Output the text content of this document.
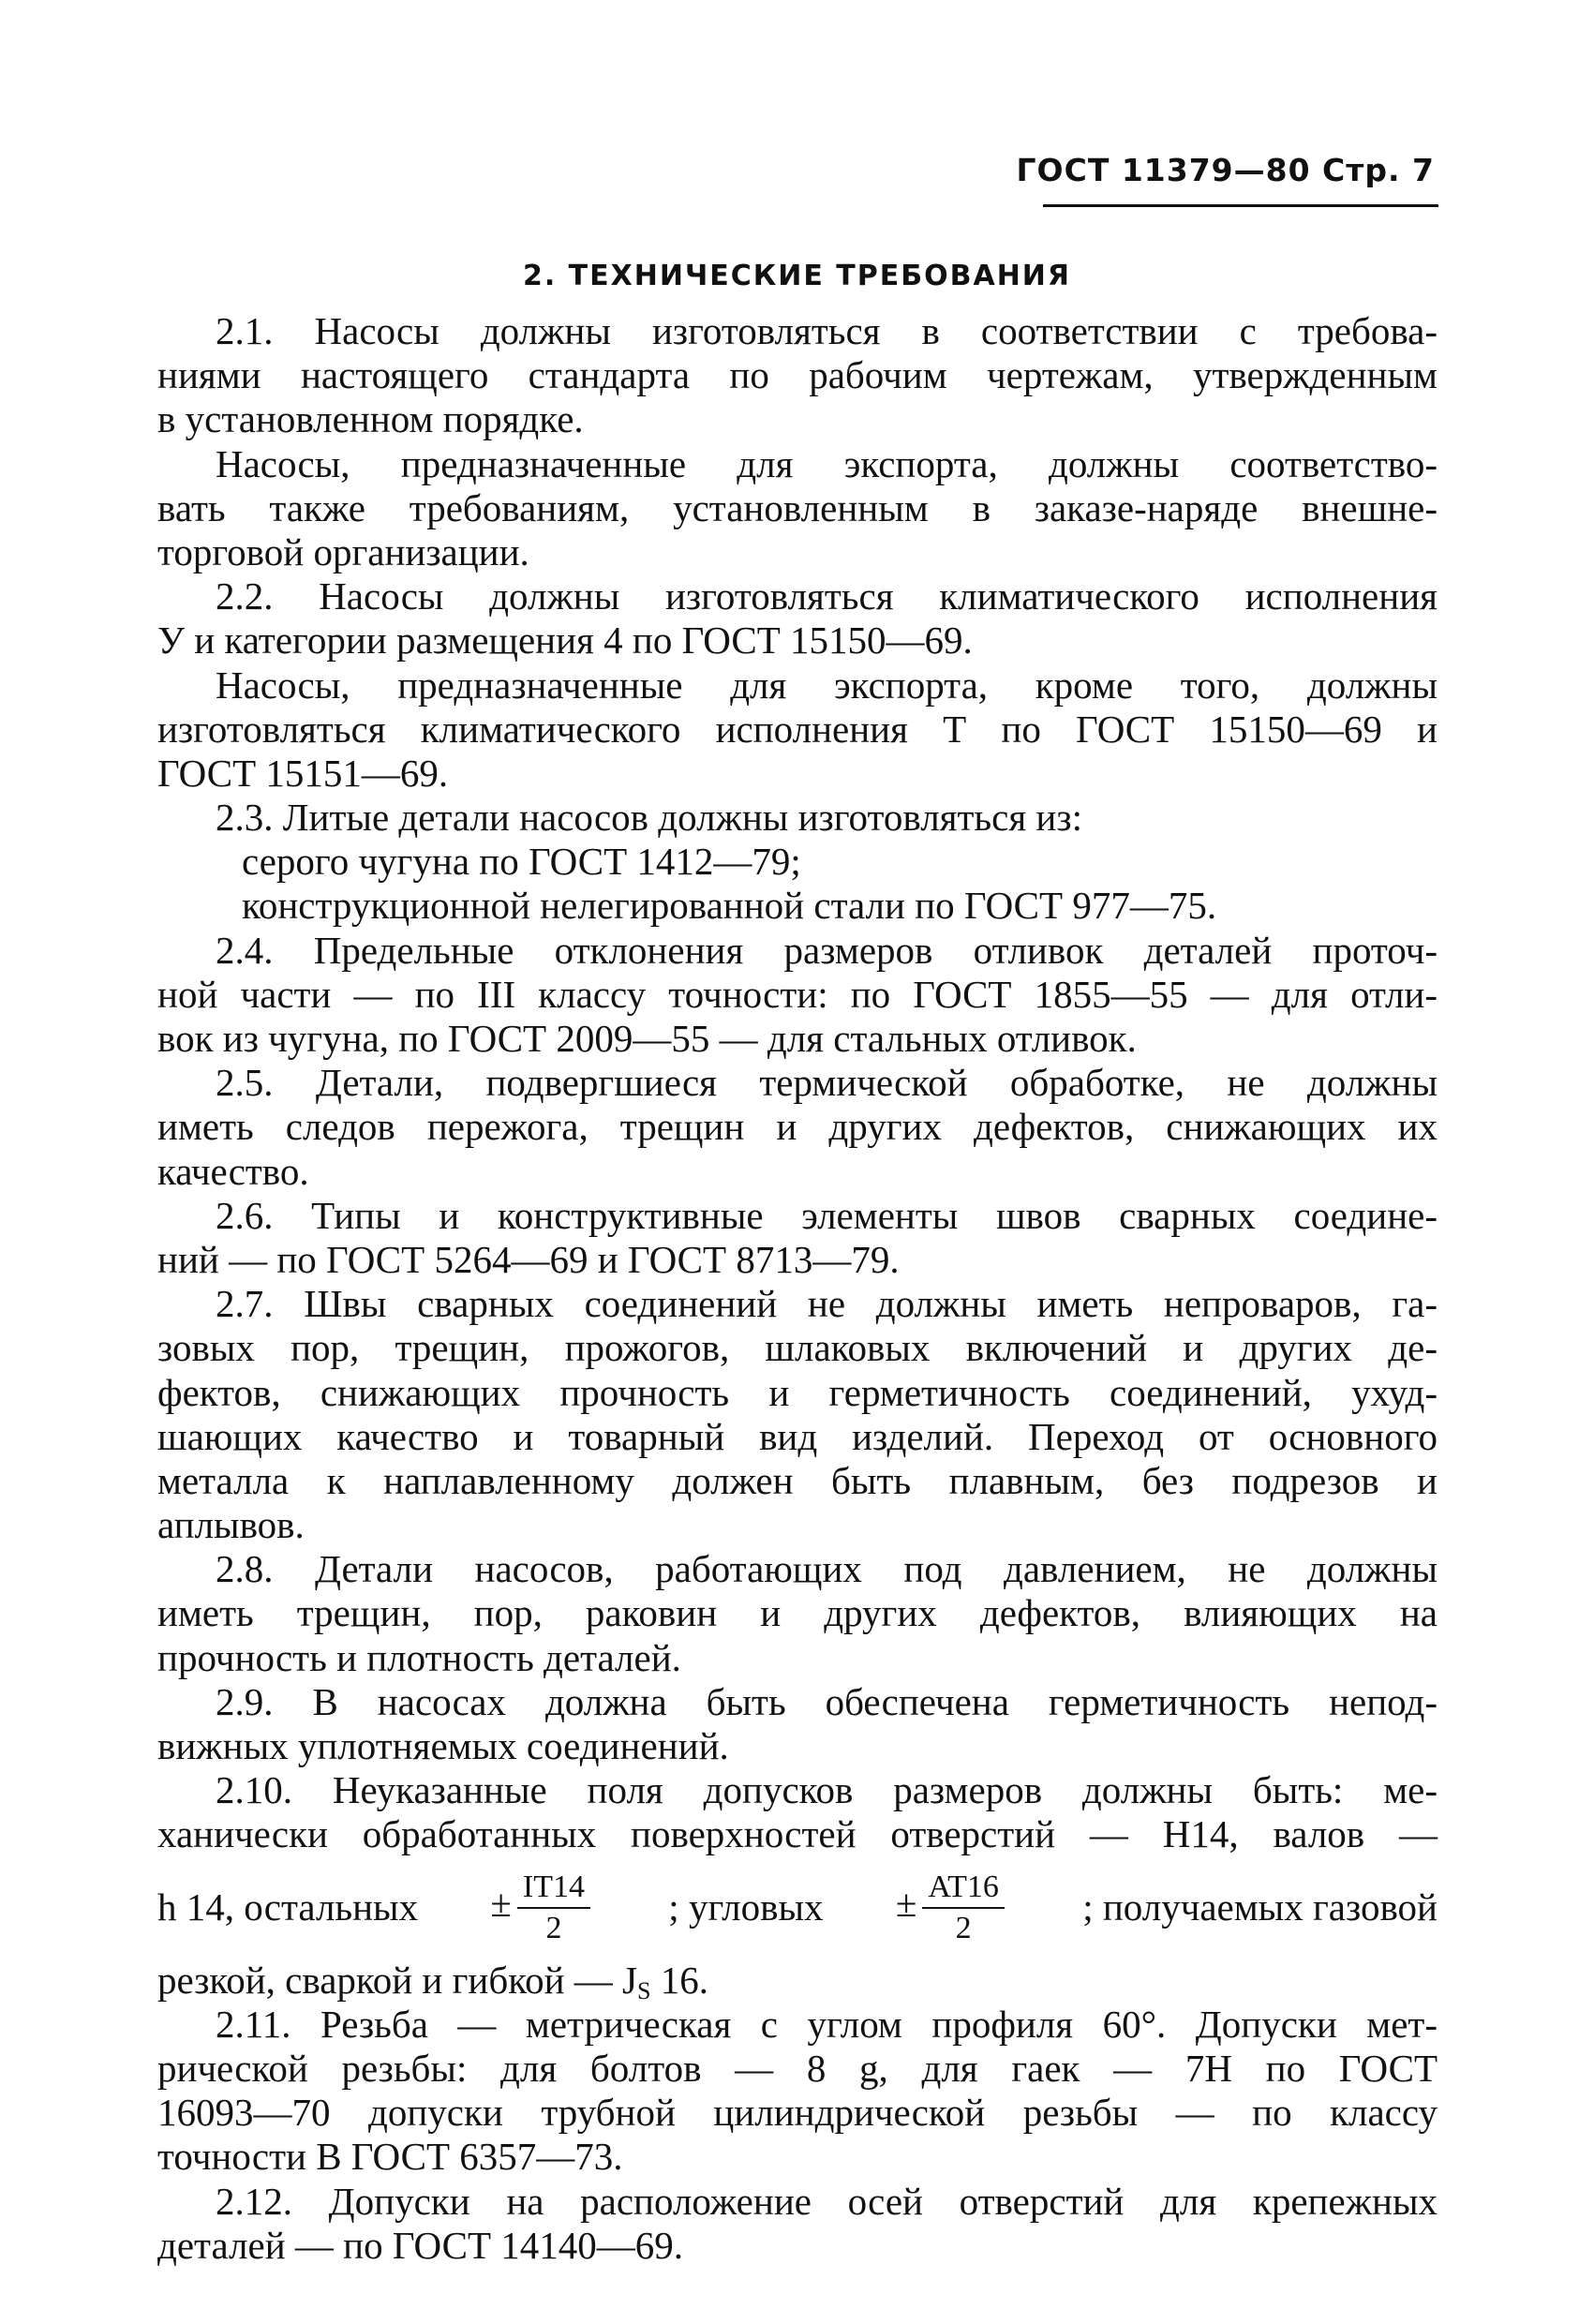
ГОСТ 11379—80 Стр. 7
2. ТЕХНИЧЕСКИЕ ТРЕБОВАНИЯ
2.1. Насосы должны изготовляться в соответствии с требова-
ниями настоящего стандарта по рабочим чертежам, утвержденным
в установленном порядке.
Насосы, предназначенные для экспорта, должны соответство-
вать также требованиям, установленным в заказе-наряде внешне-
торговой организации.
2.2. Насосы должны изготовляться климатического исполнения
У и категории размещения 4 по ГОСТ 15150—69.
Насосы, предназначенные для экспорта, кроме того, должны
изготовляться климатического исполнения Т по ГОСТ 15150—69 и
ГОСТ 15151—69.
2.3. Литые детали насосов должны изготовляться из:
серого чугуна по ГОСТ 1412—79;
конструкционной нелегированной стали по ГОСТ 977—75.
2.4. Предельные отклонения размеров отливок деталей проточ-
ной части — по III классу точности: по ГОСТ 1855—55 — для отли-
вок из чугуна, по ГОСТ 2009—55 — для стальных отливок.
2.5. Детали, подвергшиеся термической обработке, не должны
иметь следов пережога, трещин и других дефектов, снижающих их
качество.
2.6. Типы и конструктивные элементы швов сварных соедине-
ний — по ГОСТ 5264—69 и ГОСТ 8713—79.
2.7. Швы сварных соединений не должны иметь непроваров, га-
зовых пор, трещин, прожогов, шлаковых включений и других де-
фектов, снижающих прочность и герметичность соединений, ухуд-
шающих качество и товарный вид изделий. Переход от основного
металла к наплавленному должен быть плавным, без подрезов и
аплывов.
2.8. Детали насосов, работающих под давлением, не должны
иметь трещин, пор, раковин и других дефектов, влияющих на
прочность и плотность деталей.
2.9. В насосах должна быть обеспечена герметичность непод-
вижных уплотняемых соединений.
2.10. Неуказанные поля допусков размеров должны быть: ме-
ханически обработанных поверхностей отверстий — Н14, валов —
h 14, остальных ± $\frac{IT14}{2}$ ; угловых ± $\frac{AT16}{2}$ ; получаемых газовой
резкой, сваркой и гибкой — $J_S$ 16.
2.11. Резьба — метрическая с углом профиля 60°. Допуски мет-
рической резьбы: для болтов — 8 g, для гаек — 7Н по ГОСТ
16093—70 допуски трубной цилиндрической резьбы — по классу
точности В ГОСТ 6357—73.
2.12. Допуски на расположение осей отверстий для крепежных
деталей — по ГОСТ 14140—69.
